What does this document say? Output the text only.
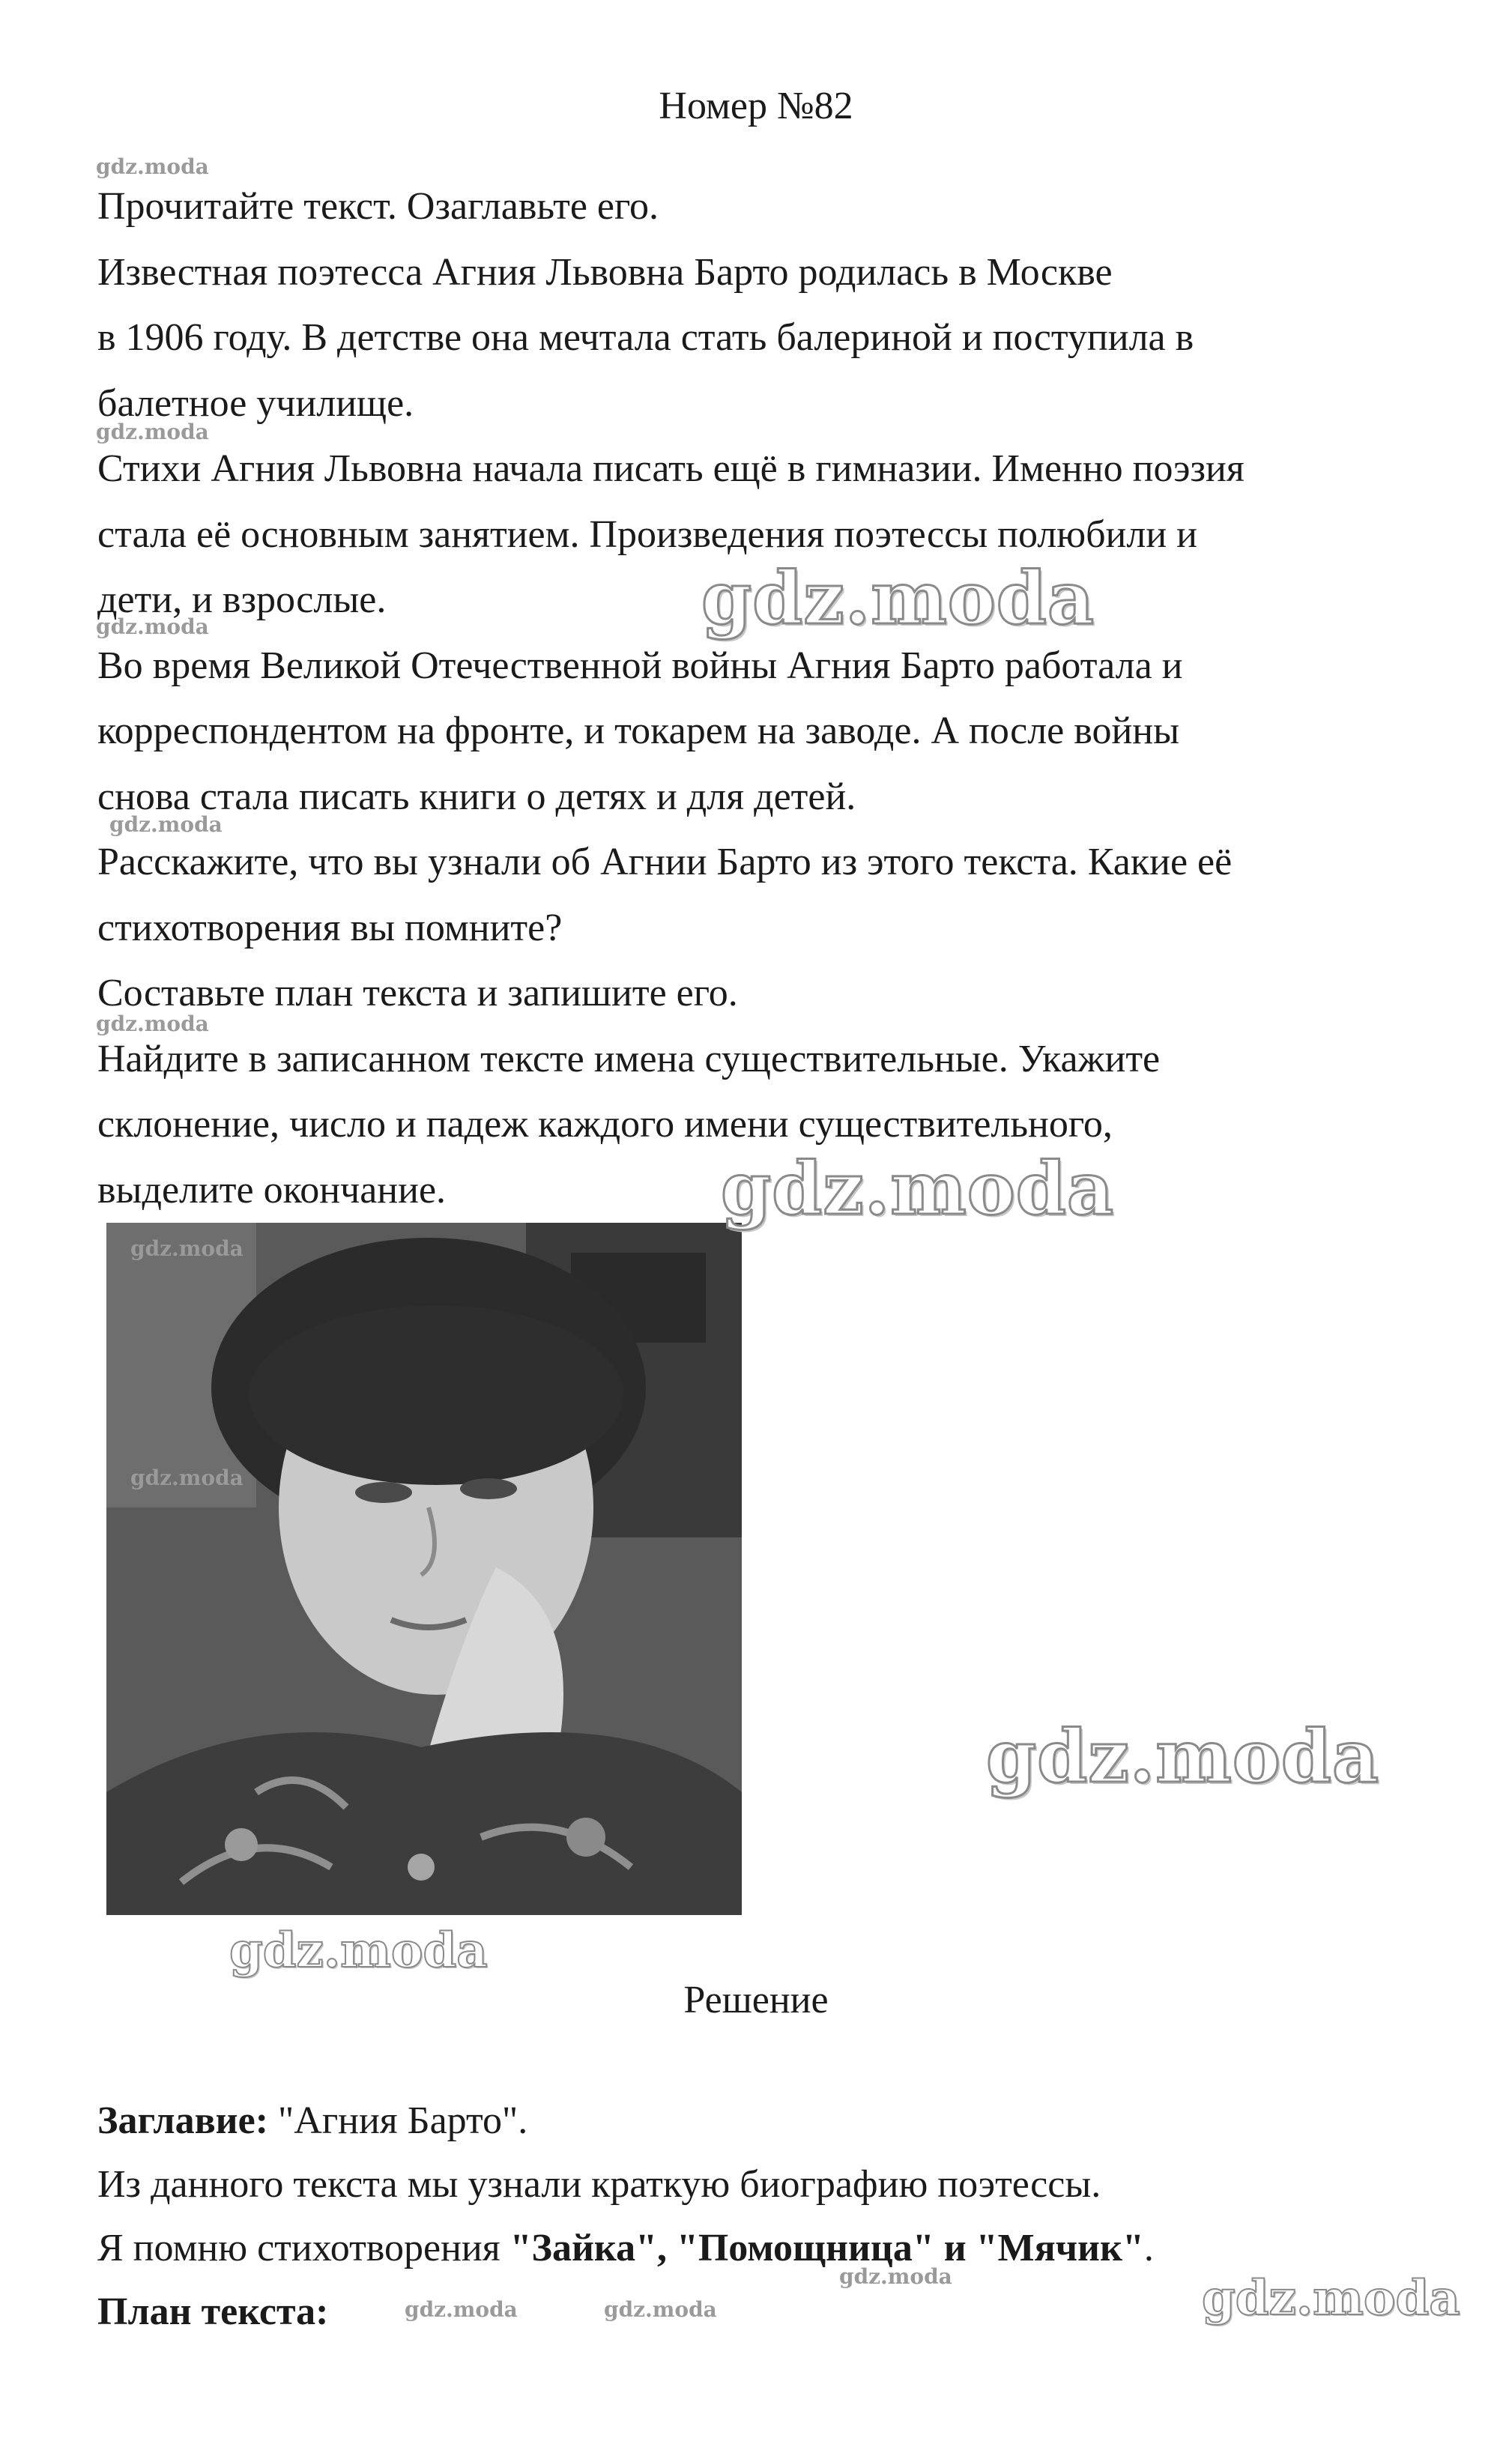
Номер №82

Прочитайте текст. Озаглавьте его.

Известная поэтесса Агния Львовна Барто родилась в Москве

в 1906 году. В детстве она мечтала стать балериной и поступила в

балетное училище.

Стихи Агния Львовна начала писать ещё в гимназии. Именно поэзия

стала её основным занятием. Произведения поэтессы полюбили и

дети, и взрослые.

Во время Великой Отечественной войны Агния Барто работала и

корреспондентом на фронте, и токарем на заводе. А после войны

снова стала писать книги о детях и для детей.

Расскажите, что вы узнали об Агнии Барто из этого текста. Какие её

стихотворения вы помните?

Составьте план текста и запишите его.

Найдите в записанном тексте имена существительные. Укажите

склонение, число и падеж каждого имени существительного,

выделите окончание.

Решение

Заглавие: "Агния Барто".

Из данного текста мы узнали краткую биографию поэтессы.

Я помню стихотворения "Зайка", "Помощница" и "Мячик".

План текста:

gdz.moda
gdz.moda
gdz.moda
gdz.moda
gdz.moda
gdz.moda
gdz.moda
gdz.moda
gdz.moda	gdz.moda
gdz.moda
gdz.moda
gdz.moda
gdz.moda
gdz.moda
